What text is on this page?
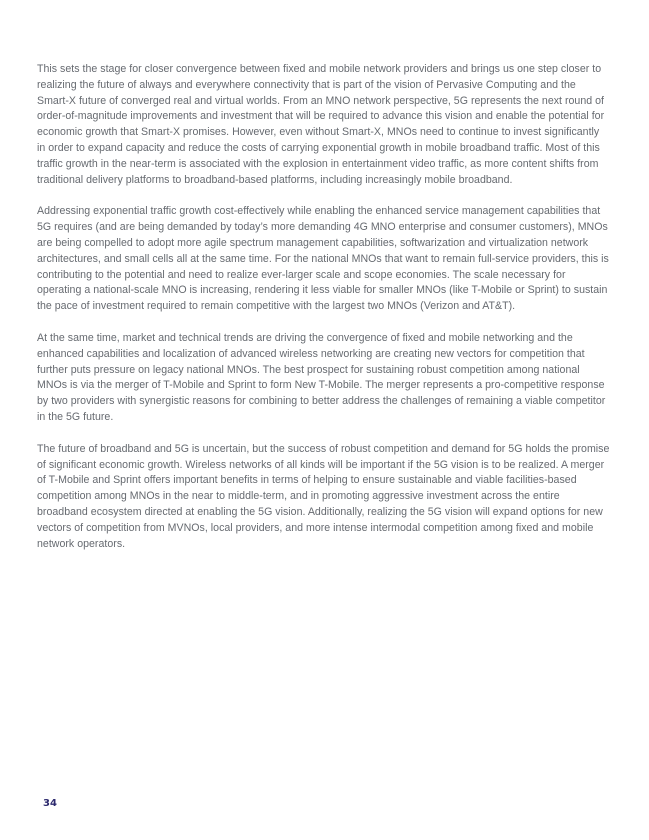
This sets the stage for closer convergence between fixed and mobile network providers and brings us one step closer to realizing the future of always and everywhere connectivity that is part of the vision of Pervasive Computing and the Smart-X future of converged real and virtual worlds. From an MNO network perspective, 5G represents the next round of order-of-magnitude improvements and investment that will be required to advance this vision and enable the potential for economic growth that Smart-X promises. However, even without Smart-X, MNOs need to continue to invest significantly in order to expand capacity and reduce the costs of carrying exponential growth in mobile broadband traffic. Most of this traffic growth in the near-term is associated with the explosion in entertainment video traffic, as more content shifts from traditional delivery platforms to broadband-based platforms, including increasingly mobile broadband.

Addressing exponential traffic growth cost-effectively while enabling the enhanced service management capabilities that 5G requires (and are being demanded by today’s more demanding 4G MNO enterprise and consumer customers), MNOs are being compelled to adopt more agile spectrum management capabilities, softwarization and virtualization network architectures, and small cells all at the same time. For the national MNOs that want to remain full-service providers, this is contributing to the potential and need to realize ever-larger scale and scope economies. The scale necessary for operating a national-scale MNO is increasing, rendering it less viable for smaller MNOs (like T-Mobile or Sprint) to sustain the pace of investment required to remain competitive with the largest two MNOs (Verizon and AT&T).

At the same time, market and technical trends are driving the convergence of fixed and mobile networking and the enhanced capabilities and localization of advanced wireless networking are creating new vectors for competition that further puts pressure on legacy national MNOs. The best prospect for sustaining robust competition among national MNOs is via the merger of T-Mobile and Sprint to form New T-Mobile. The merger represents a pro-competitive response by two providers with synergistic reasons for combining to better address the challenges of remaining a viable competitor in the 5G future.

The future of broadband and 5G is uncertain, but the success of robust competition and demand for 5G holds the promise of significant economic growth. Wireless networks of all kinds will be important if the 5G vision is to be realized. A merger of T-Mobile and Sprint offers important benefits in terms of helping to ensure sustainable and viable facilities-based competition among MNOs in the near to middle-term, and in promoting aggressive investment across the entire broadband ecosystem directed at enabling the 5G vision. Additionally, realizing the 5G vision will expand options for new vectors of competition from MVNOs, local providers, and more intense intermodal competition among fixed and mobile network operators.

34
